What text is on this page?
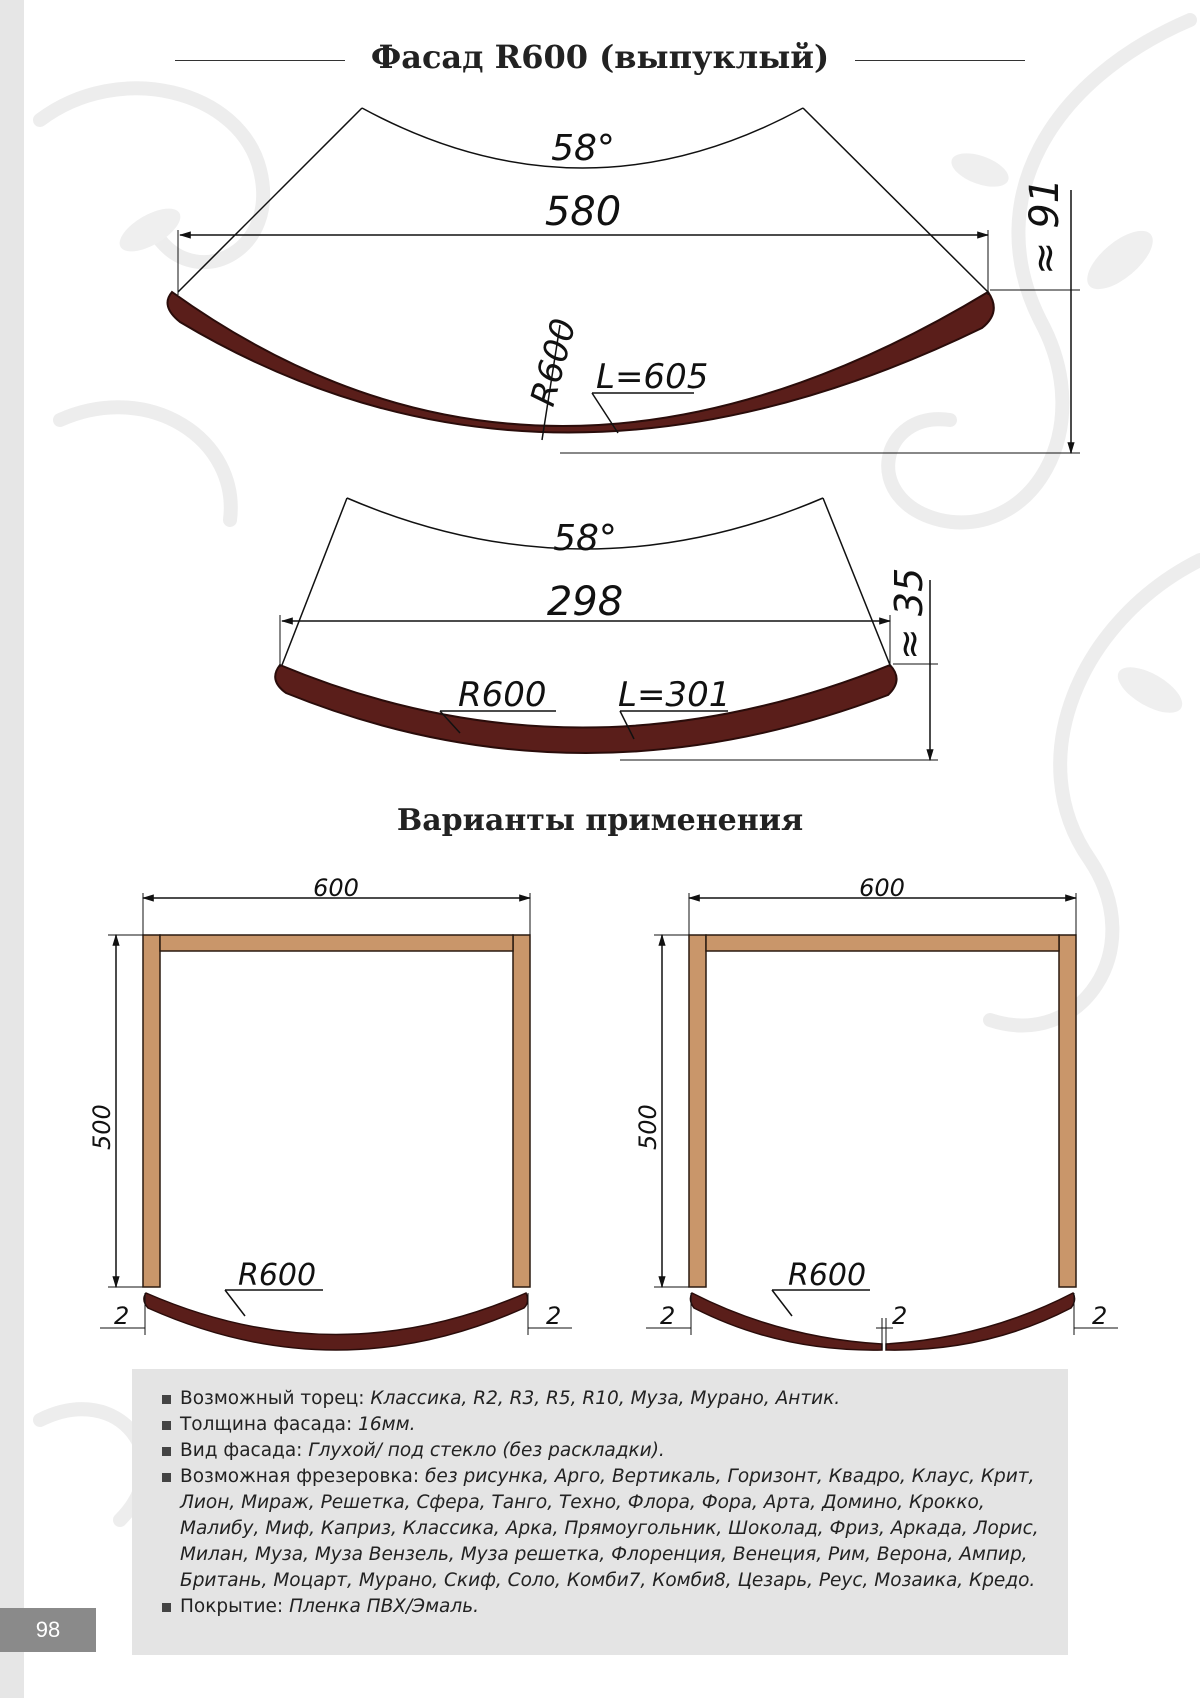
Фасад R600 (выпуклый)
58°
580	≈ 91
R600 L=605
58°
298	≈ 35
R600 L=301
600
500
R600
2	2
600
500
R600
2	2	2
Варианты применения
Возможный торец: Классика, R2, R3, R5, R10, Муза, Мурано, Антик.
Толщина фасада: 16мм.
Вид фасада: Глухой/ под стекло (без раскладки).
Возможная фрезеровка: без рисунка, Арго, Вертикаль, Горизонт, Квадро, Клаус, Крит, Лион, Мираж, Решетка, Сфера, Танго, Техно, Флора, Фора, Арта, Домино, Крокко, Малибу, Миф, Каприз, Классика, Арка, Прямоугольник, Шоколад, Фриз, Аркада, Лорис, Милан, Муза, Муза Вензель, Муза решетка, Флоренция, Венеция, Рим, Верона, Ампир, Британь, Моцарт, Мурано, Скиф, Соло, Комби7, Комби8, Цезарь, Реус, Мозаика, Кредо.
Покрытие: Пленка ПВХ/Эмаль.
98
